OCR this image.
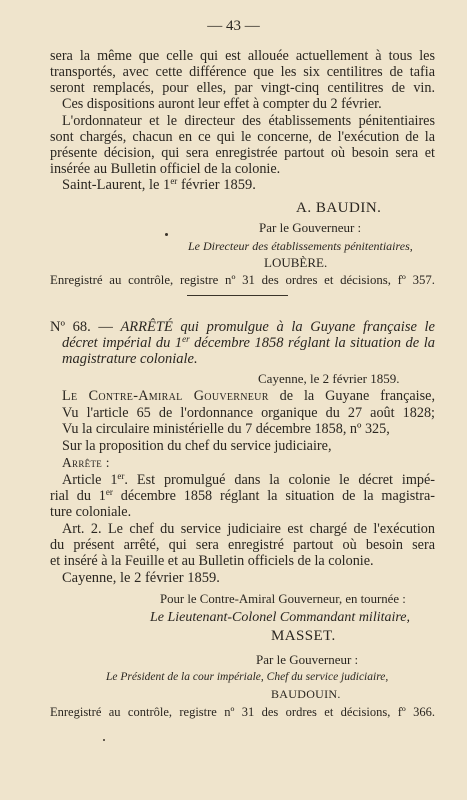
— 43 —
sera la même que celle qui est allouée actuellement à tous les
transportés, avec cette différence que les six centilitres de tafia
seront remplacés, pour elles, par vingt-cinq centilitres de vin.
Ces dispositions auront leur effet à compter du 2 février.
L'ordonnateur et le directeur des établissements pénitentiaires
sont chargés, chacun en ce qui le concerne, de l'exécution de la
présente décision, qui sera enregistrée partout où besoin sera et
insérée au Bulletin officiel de la colonie.
Saint-Laurent, le 1er février 1859.
A. BAUDIN.
Par le Gouverneur :
Le Directeur des établissements pénitentiaires,
LOUBÈRE.
Enregistré au contrôle, registre nº 31 des ordres et décisions, fº 357.
Nº 68. — ARRÊTÉ qui promulgue à la Guyane française le
décret impérial du 1er décembre 1858 réglant la situation de la
magistrature coloniale.
Cayenne, le 2 février 1859.
Le Contre-Amiral Gouverneur de la Guyane française,
Vu l'article 65 de l'ordonnance organique du 27 août 1828;
Vu la circulaire ministérielle du 7 décembre 1858, nº 325,
Sur la proposition du chef du service judiciaire,
Arrête :
Article 1er. Est promulgué dans la colonie le décret impé-
rial du 1er décembre 1858 réglant la situation de la magistra-
ture coloniale.
Art. 2. Le chef du service judiciaire est chargé de l'exécution
du présent arrêté, qui sera enregistré partout où besoin sera
et inséré à la Feuille et au Bulletin officiels de la colonie.
Cayenne, le 2 février 1859.
Pour le Contre-Amiral Gouverneur, en tournée :
Le Lieutenant-Colonel Commandant militaire,
MASSET.
Par le Gouverneur :
Le Président de la cour impériale, Chef du service judiciaire,
BAUDOUIN.
Enregistré au contrôle, registre nº 31 des ordres et décisions, fº 366.
